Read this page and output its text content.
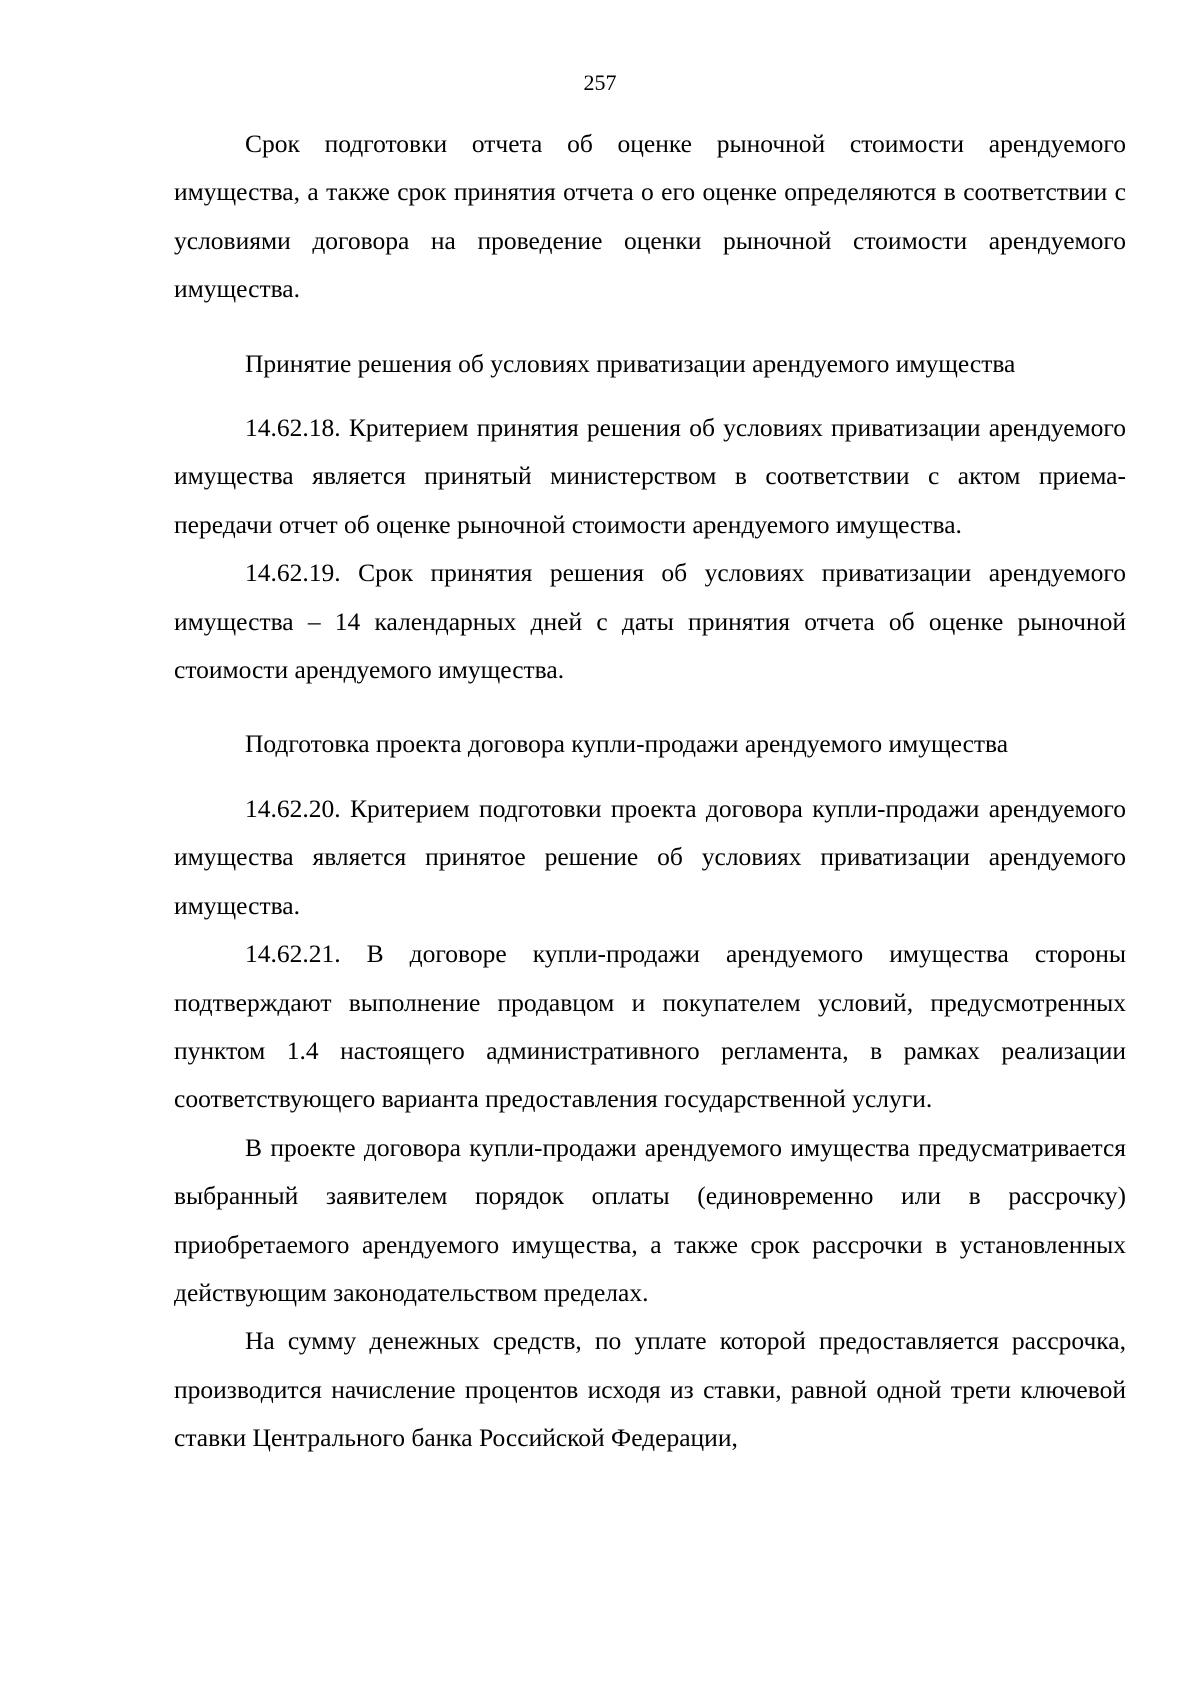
257

Срок подготовки отчета об оценке рыночной стоимости арендуемого имущества, а также срок принятия отчета о его оценке определяются в соответствии с условиями договора на проведение оценки рыночной стоимости арендуемого имущества.

Принятие решения об условиях приватизации арендуемого имущества

14.62.18. Критерием принятия решения об условиях приватизации арендуемого имущества является принятый министерством в соответствии с актом приема-передачи отчет об оценке рыночной стоимости арендуемого имущества.

14.62.19. Срок принятия решения об условиях приватизации арендуемого имущества – 14 календарных дней с даты принятия отчета об оценке рыночной стоимости арендуемого имущества.

Подготовка проекта договора купли-продажи арендуемого имущества

14.62.20. Критерием подготовки проекта договора купли-продажи арендуемого имущества является принятое решение об условиях приватизации арендуемого имущества.

14.62.21. В договоре купли-продажи арендуемого имущества стороны подтверждают выполнение продавцом и покупателем условий, предусмотренных пунктом 1.4 настоящего административного регламента, в рамках реализации соответствующего варианта предоставления государственной услуги.

В проекте договора купли-продажи арендуемого имущества предусматривается выбранный заявителем порядок оплаты (единовременно или в рассрочку) приобретаемого арендуемого имущества, а также срок рассрочки в установленных действующим законодательством пределах.

На сумму денежных средств, по уплате которой предоставляется рассрочка, производится начисление процентов исходя из ставки, равной одной трети ключевой ставки Центрального банка Российской Федерации,
